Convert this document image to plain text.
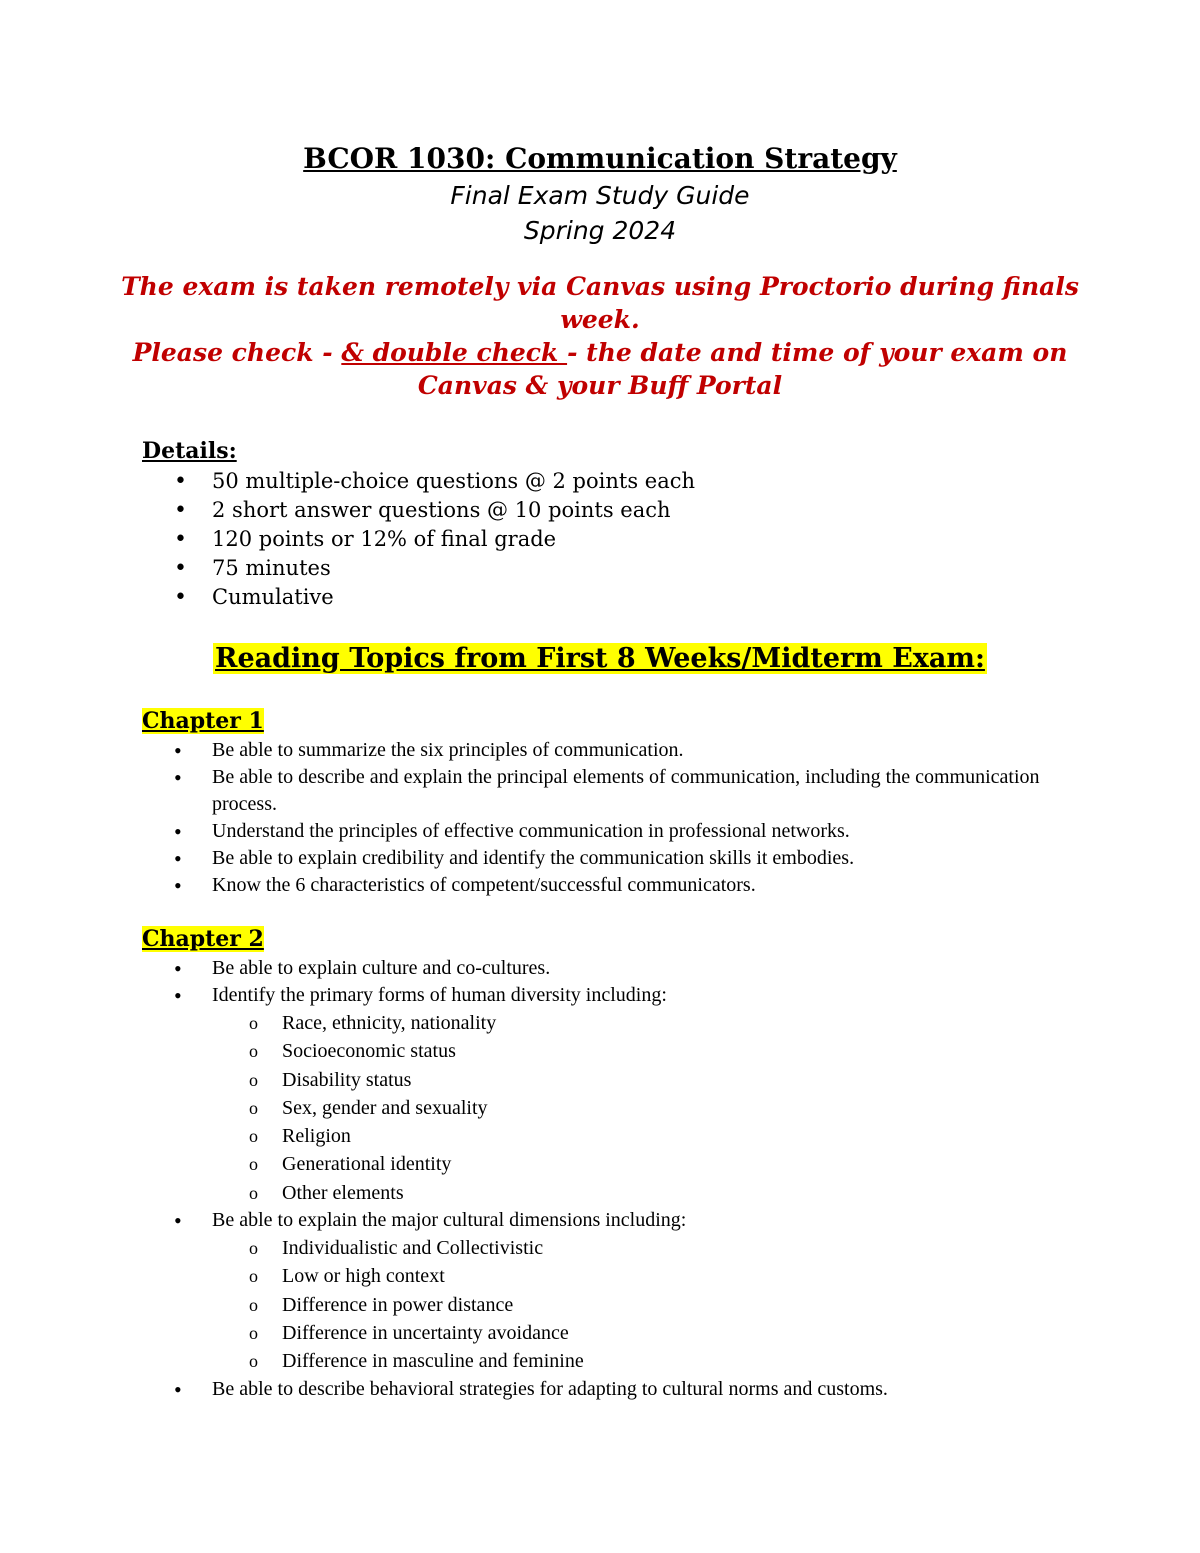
BCOR 1030: Communication Strategy
Final Exam Study Guide
Spring 2024
The exam is taken remotely via Canvas using Proctorio during finals week.
Please check - & double check - the date and time of your exam on Canvas & your Buff Portal
Details:
• 50 multiple-choice questions @ 2 points each
• 2 short answer questions @ 10 points each
• 120 points or 12% of final grade
• 75 minutes
• Cumulative
Reading Topics from First 8 Weeks/Midterm Exam:
Chapter 1
• Be able to summarize the six principles of communication.
• Be able to describe and explain the principal elements of communication, including the communication process.
• Understand the principles of effective communication in professional networks.
• Be able to explain credibility and identify the communication skills it embodies.
• Know the 6 characteristics of competent/successful communicators.
Chapter 2
• Be able to explain culture and co-cultures.
• Identify the primary forms of human diversity including:
o Race, ethnicity, nationality
o Socioeconomic status
o Disability status
o Sex, gender and sexuality
o Religion
o Generational identity
o Other elements
• Be able to explain the major cultural dimensions including:
o Individualistic and Collectivistic
o Low or high context
o Difference in power distance
o Difference in uncertainty avoidance
o Difference in masculine and feminine
• Be able to describe behavioral strategies for adapting to cultural norms and customs.
